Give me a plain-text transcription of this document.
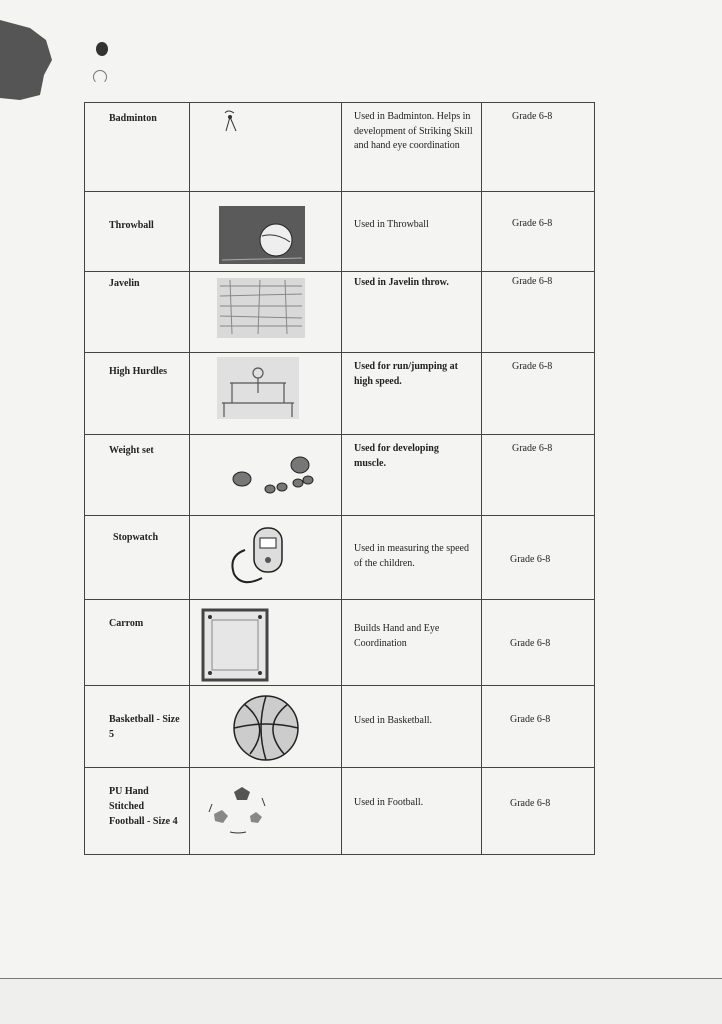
Badminton		Used in Badminton. Helps in development of Striking Skill and hand eye coordination	Grade 6-8

Throwball		Used in Throwball	Grade 6-8

Javelin		Used in Javelin throw.	Grade 6-8

High Hurdles		Used for run/jumping at high speed.	Grade 6-8

Weight set		Used for developing muscle.	Grade 6-8

Stopwatch		Used in measuring the speed of the children.	Grade 6-8

Carrom		Builds Hand and Eye Coordination	Grade 6-8

Basketball - Size 5		Used in Basketball.	Grade 6-8

PU Hand Stitched Football - Size 4		Used in Football.	Grade 6-8
